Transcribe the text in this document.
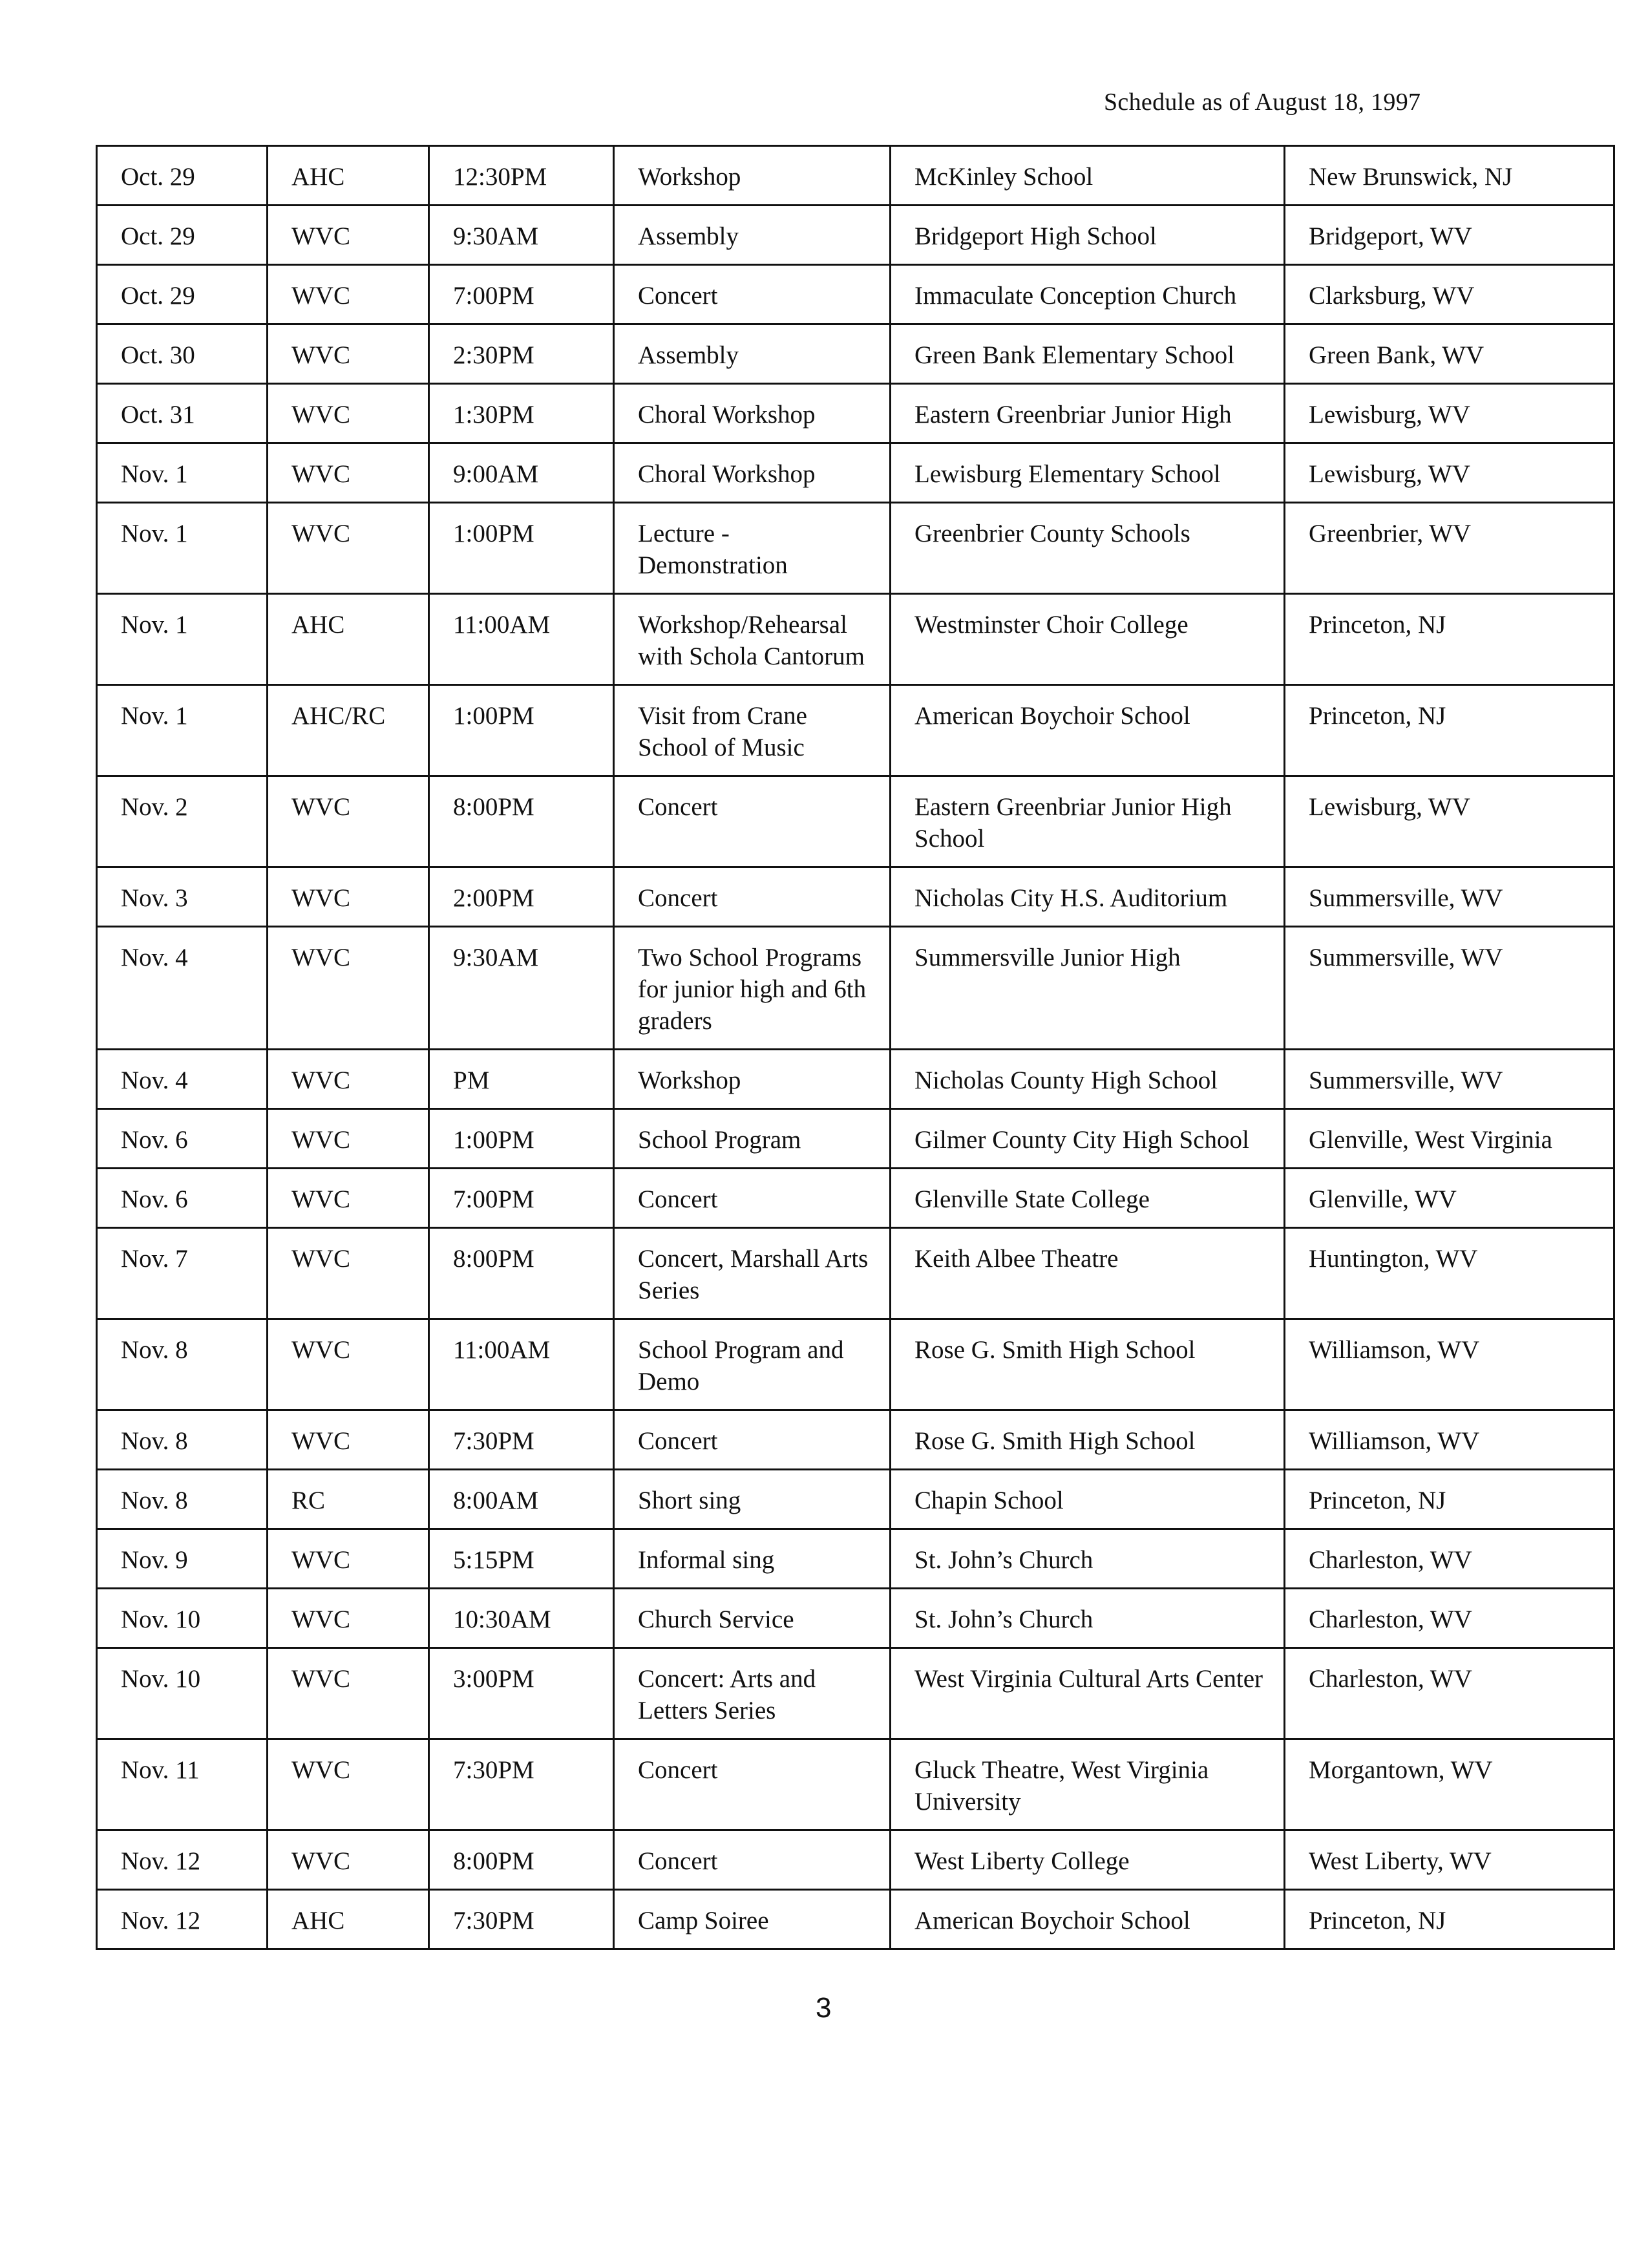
Schedule as of August 18, 1997
Oct. 29	AHC	12:30PM	Workshop	McKinley School	New Brunswick, NJ
Oct. 29	WVC	9:30AM	Assembly	Bridgeport High School	Bridgeport, WV
Oct. 29	WVC	7:00PM	Concert	Immaculate Conception Church	Clarksburg, WV
Oct. 30	WVC	2:30PM	Assembly	Green Bank Elementary School	Green Bank, WV
Oct. 31	WVC	1:30PM	Choral Workshop	Eastern Greenbriar Junior High	Lewisburg, WV
Nov. 1	WVC	9:00AM	Choral Workshop	Lewisburg Elementary School	Lewisburg, WV
Nov. 1	WVC	1:00PM	Lecture - Demonstration	Greenbrier County Schools	Greenbrier, WV
Nov. 1	AHC	11:00AM	Workshop/Rehearsal with Schola Cantorum	Westminster Choir College	Princeton, NJ
Nov. 1	AHC/RC	1:00PM	Visit from Crane School of Music	American Boychoir School	Princeton, NJ
Nov. 2	WVC	8:00PM	Concert	Eastern Greenbriar Junior High School	Lewisburg, WV
Nov. 3	WVC	2:00PM	Concert	Nicholas City H.S. Auditorium	Summersville, WV
Nov. 4	WVC	9:30AM	Two School Programs for junior high and 6th graders	Summersville Junior High	Summersville, WV
Nov. 4	WVC	PM	Workshop	Nicholas County High School	Summersville, WV
Nov. 6	WVC	1:00PM	School Program	Gilmer County City High School	Glenville, West Virginia
Nov. 6	WVC	7:00PM	Concert	Glenville State College	Glenville, WV
Nov. 7	WVC	8:00PM	Concert, Marshall Arts Series	Keith Albee Theatre	Huntington, WV
Nov. 8	WVC	11:00AM	School Program and Demo	Rose G. Smith High School	Williamson, WV
Nov. 8	WVC	7:30PM	Concert	Rose G. Smith High School	Williamson, WV
Nov. 8	RC	8:00AM	Short sing	Chapin School	Princeton, NJ
Nov. 9	WVC	5:15PM	Informal sing	St. John’s Church	Charleston, WV
Nov. 10	WVC	10:30AM	Church Service	St. John’s Church	Charleston, WV
Nov. 10	WVC	3:00PM	Concert: Arts and Letters Series	West Virginia Cultural Arts Center	Charleston, WV
Nov. 11	WVC	7:30PM	Concert	Gluck Theatre, West Virginia University	Morgantown, WV
Nov. 12	WVC	8:00PM	Concert	West Liberty College	West Liberty, WV
Nov. 12	AHC	7:30PM	Camp Soiree	American Boychoir School	Princeton, NJ
3
